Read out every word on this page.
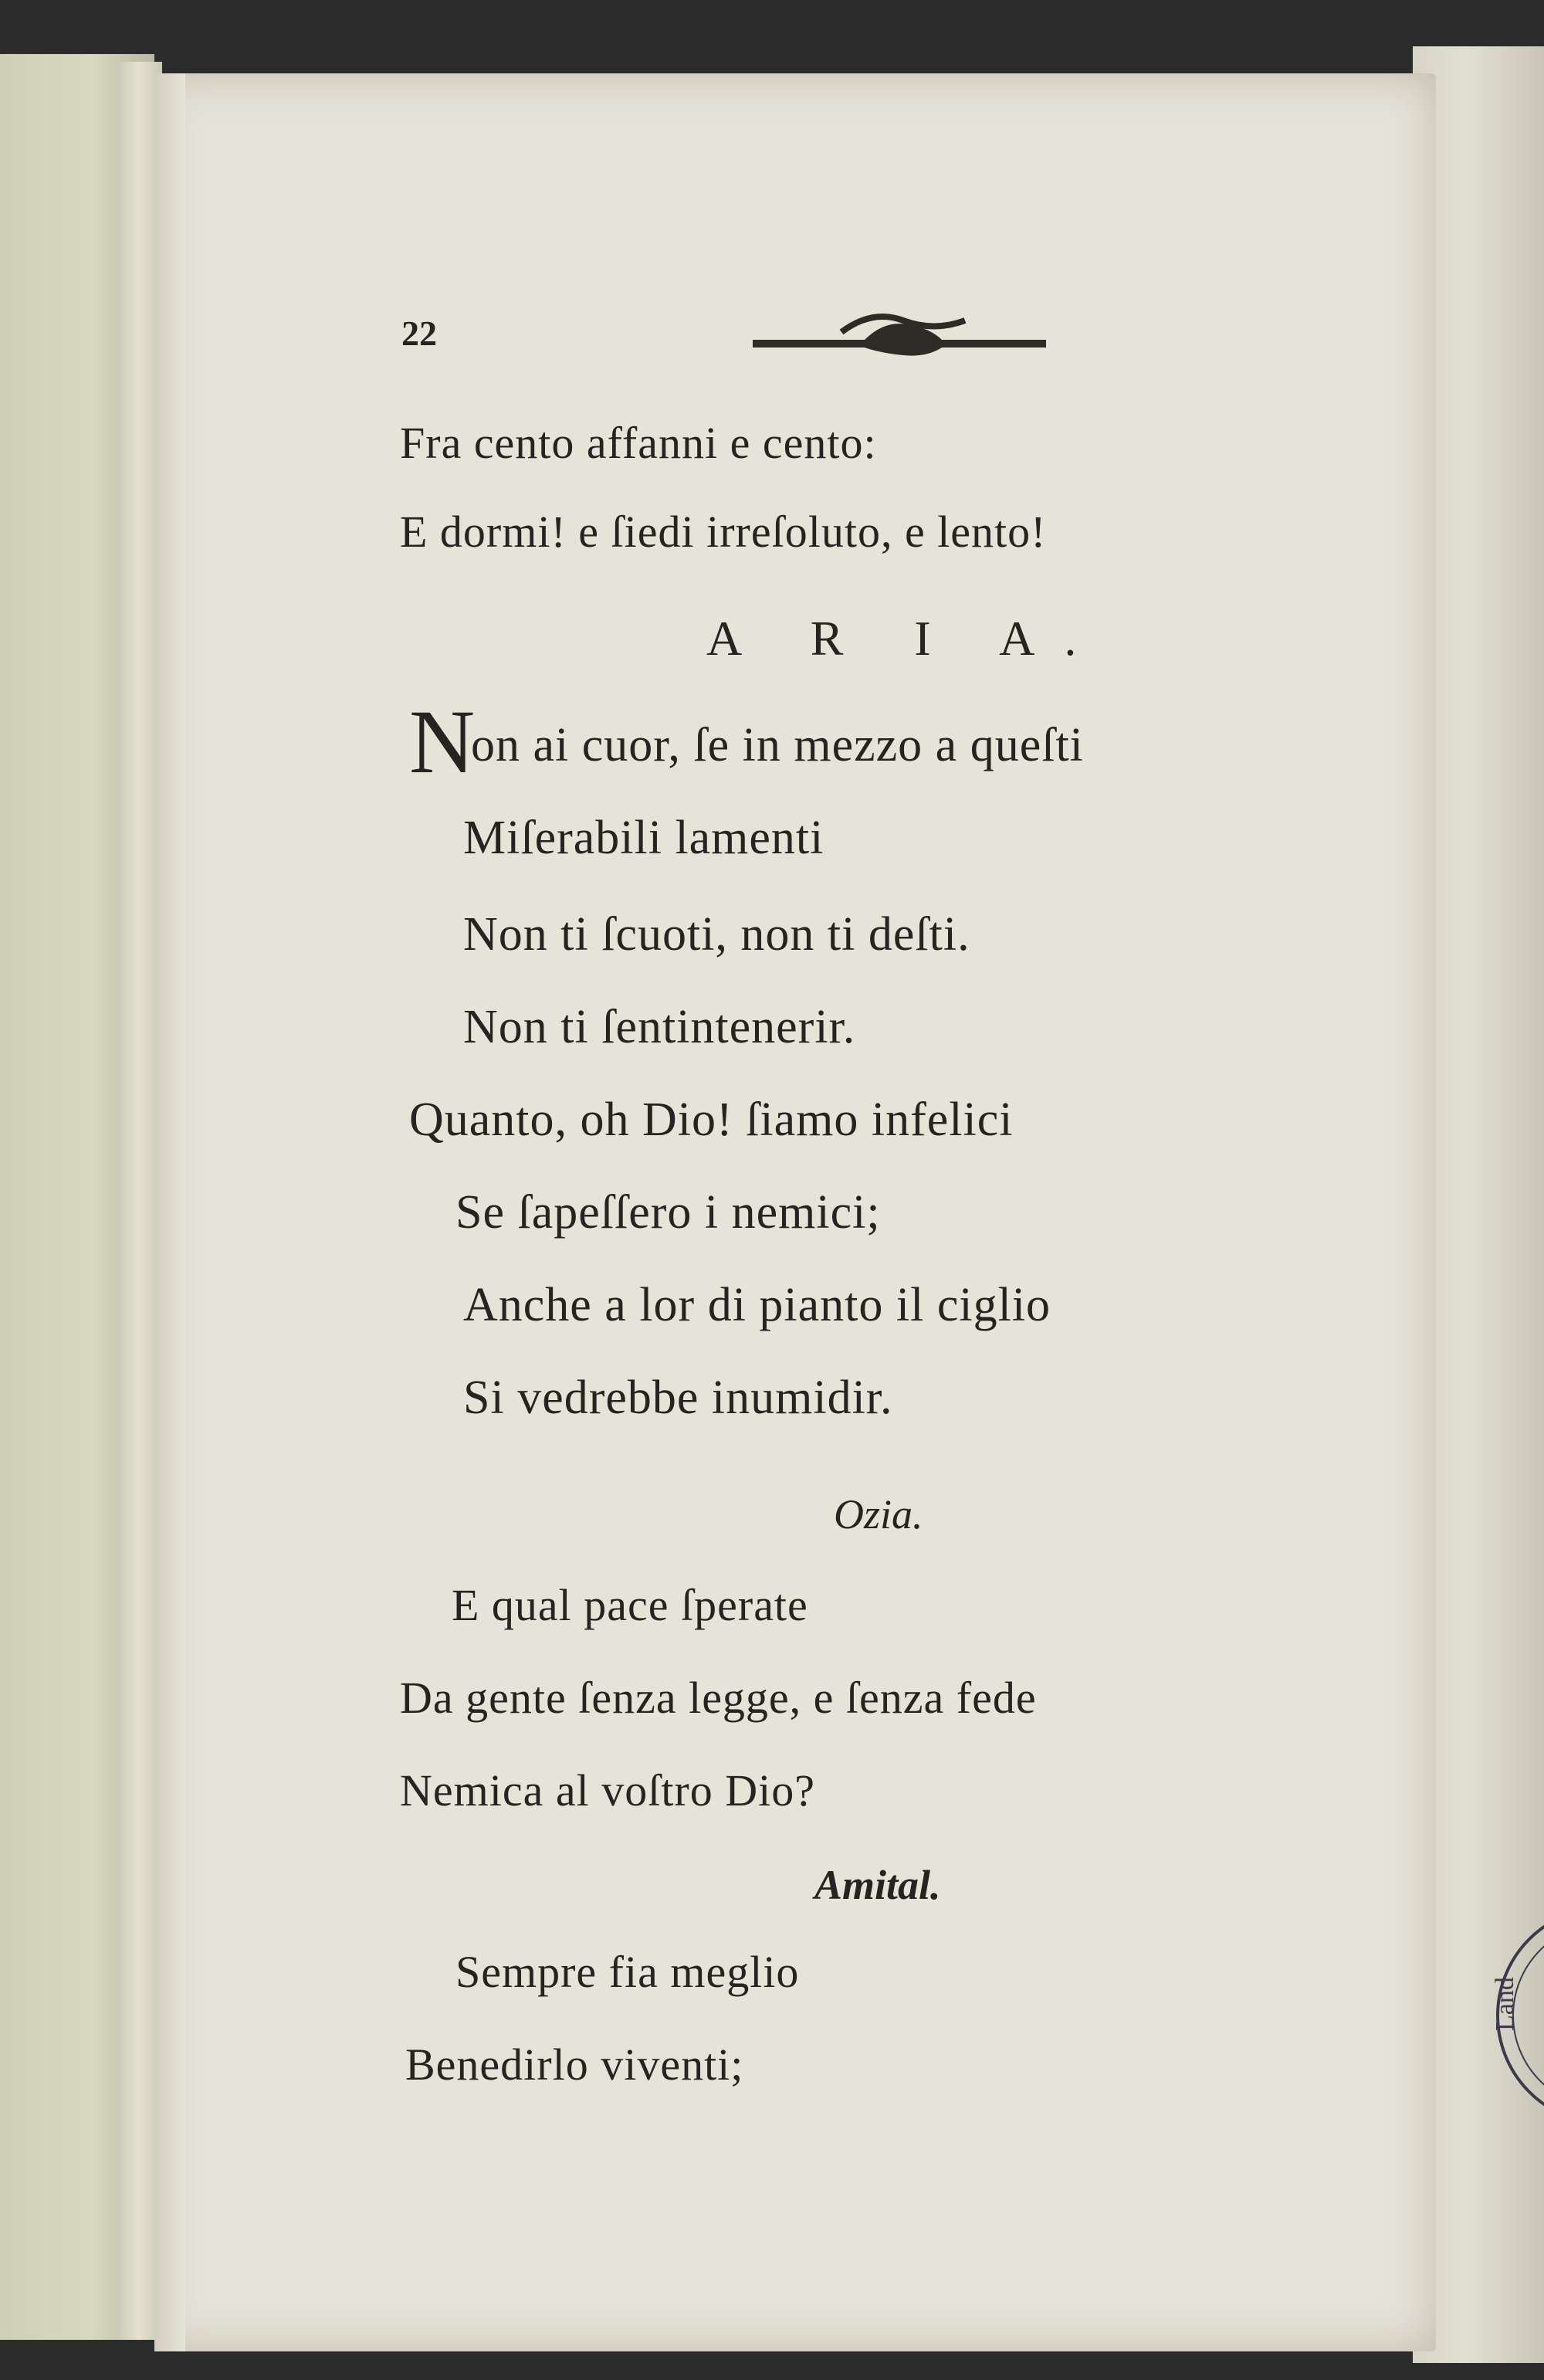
22
Fra cento affanni e cento:
E dormi! e ſiedi irreſoluto, e lento!
A R I A.
N
on ai cuor, ſe in mezzo a queſti
Miſerabili lamenti
Non ti ſcuoti, non ti deſti.
Non ti ſentintenerir.
Quanto, oh Dio! ſiamo infelici
Se ſapeſſero i nemici;
Anche a lor di pianto il ciglio
Si vedrebbe inumidir.
Ozia.
E qual pace ſperate
Da gente ſenza legge, e ſenza fede
Nemica al voſtro Dio?
Amital.
Sempre fia meglio
Benedirlo viventi;
Land
